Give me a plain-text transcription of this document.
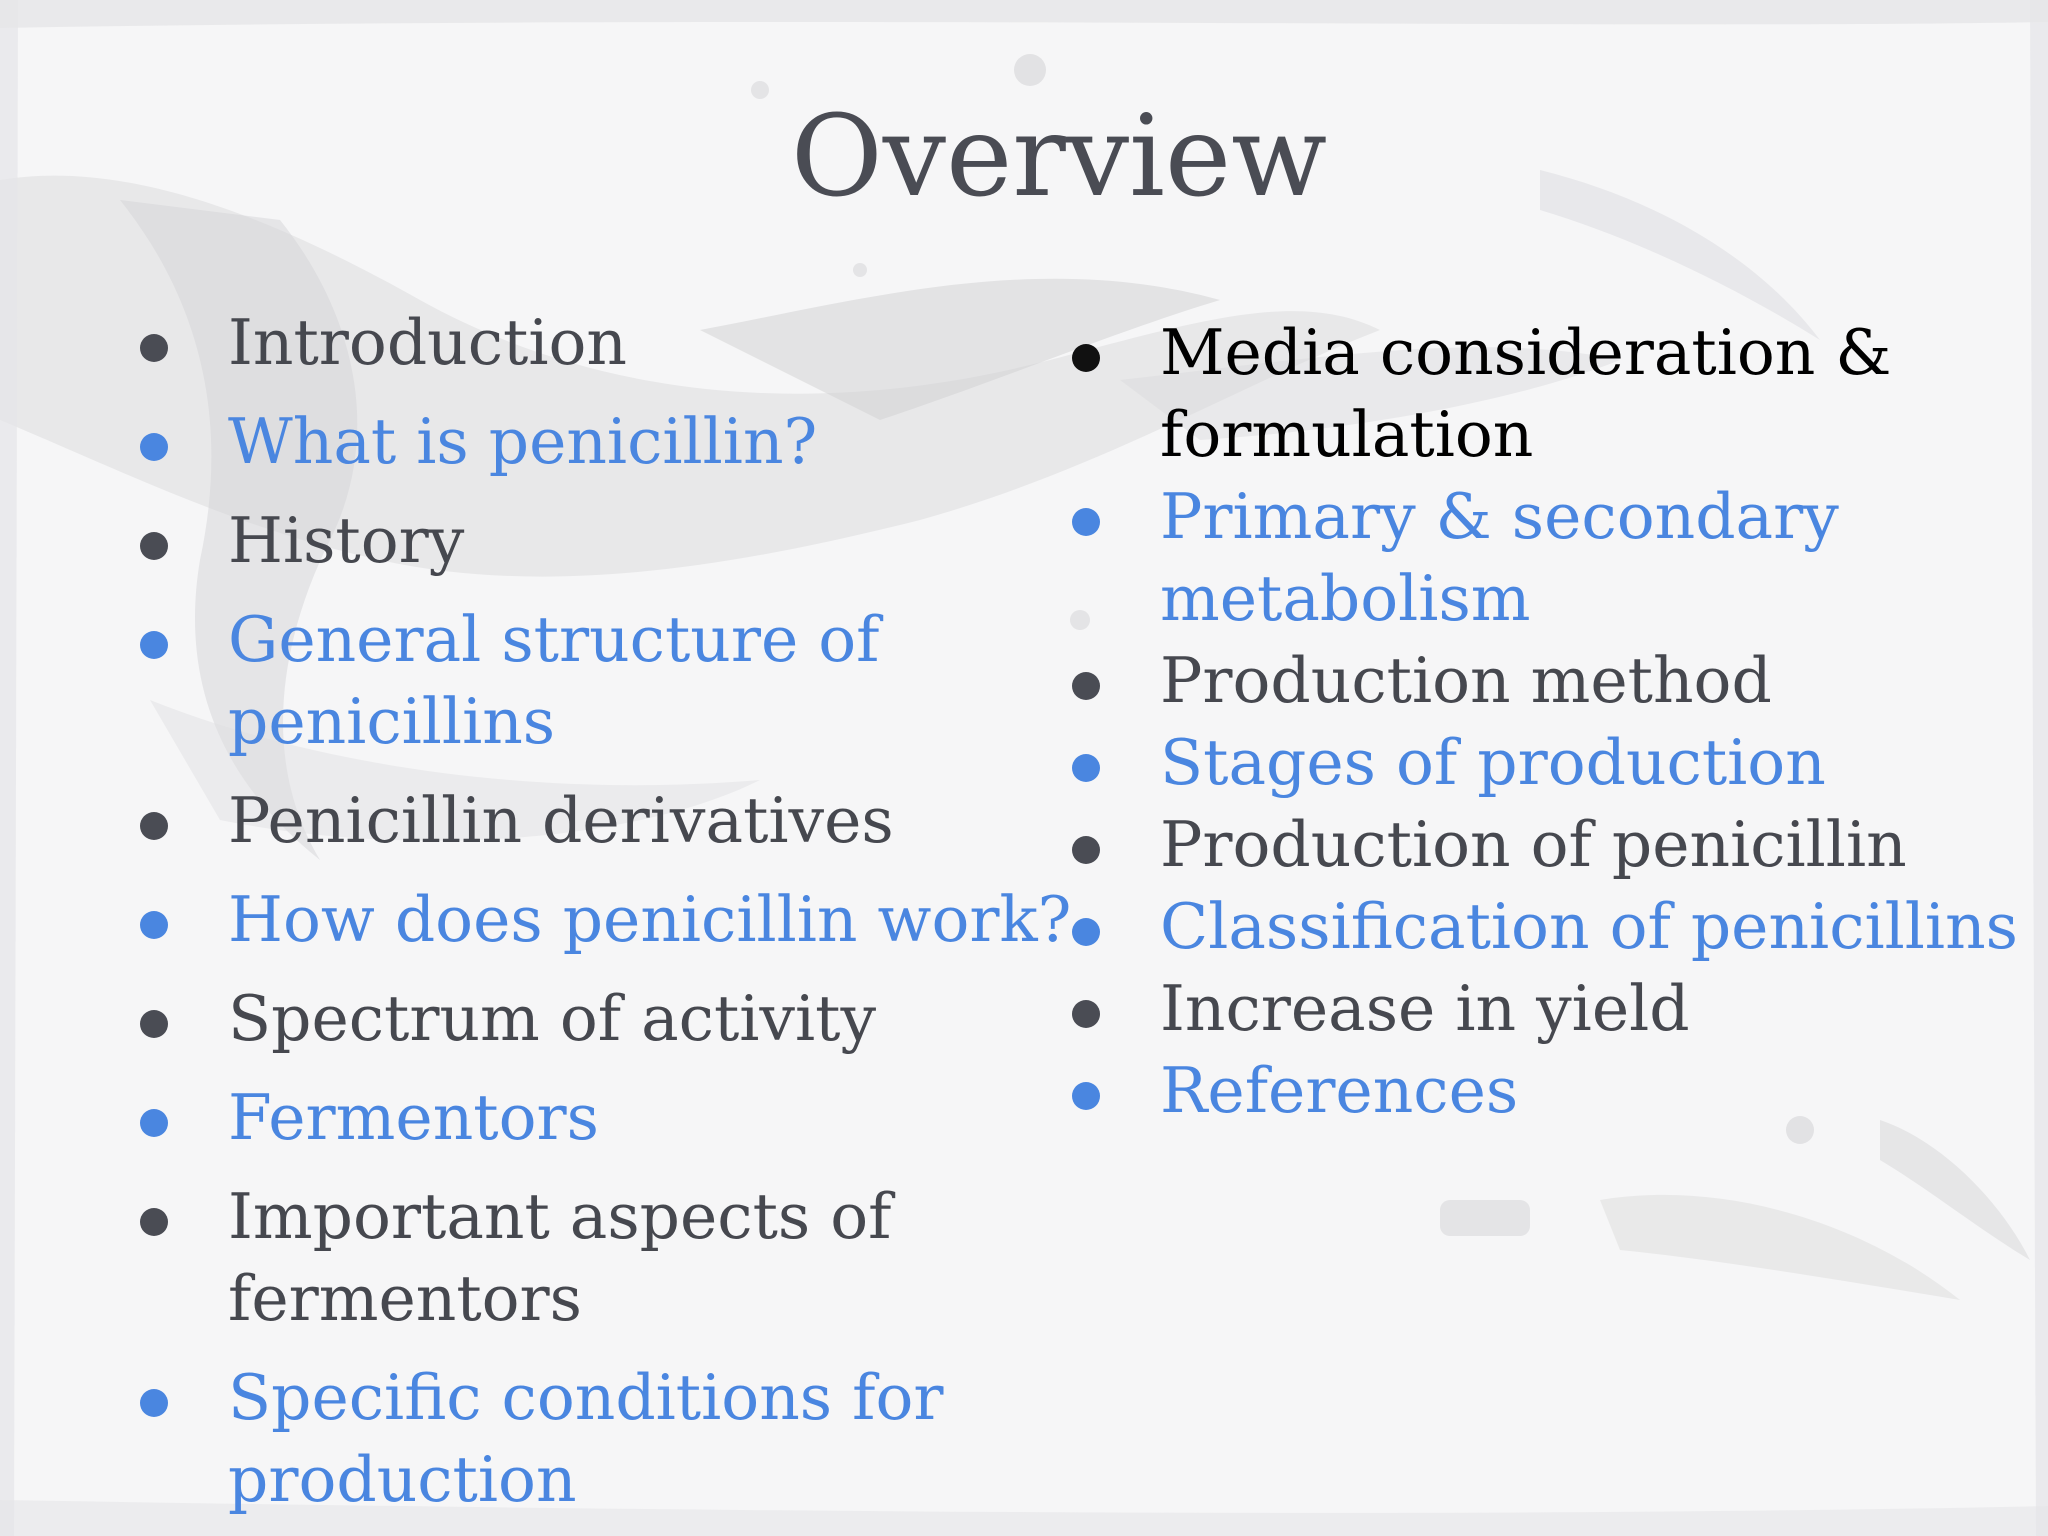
Overview
Introduction
What is penicillin?
History
General structure of
penicillins
Penicillin derivatives
How does penicillin work?
Spectrum of activity
Fermentors
Important aspects of
fermentors
Specific conditions for
production
Media consideration &
formulation
Primary & secondary
metabolism
Production method
Stages of production
Production of penicillin
Classification of penicillins
Increase in yield
References
